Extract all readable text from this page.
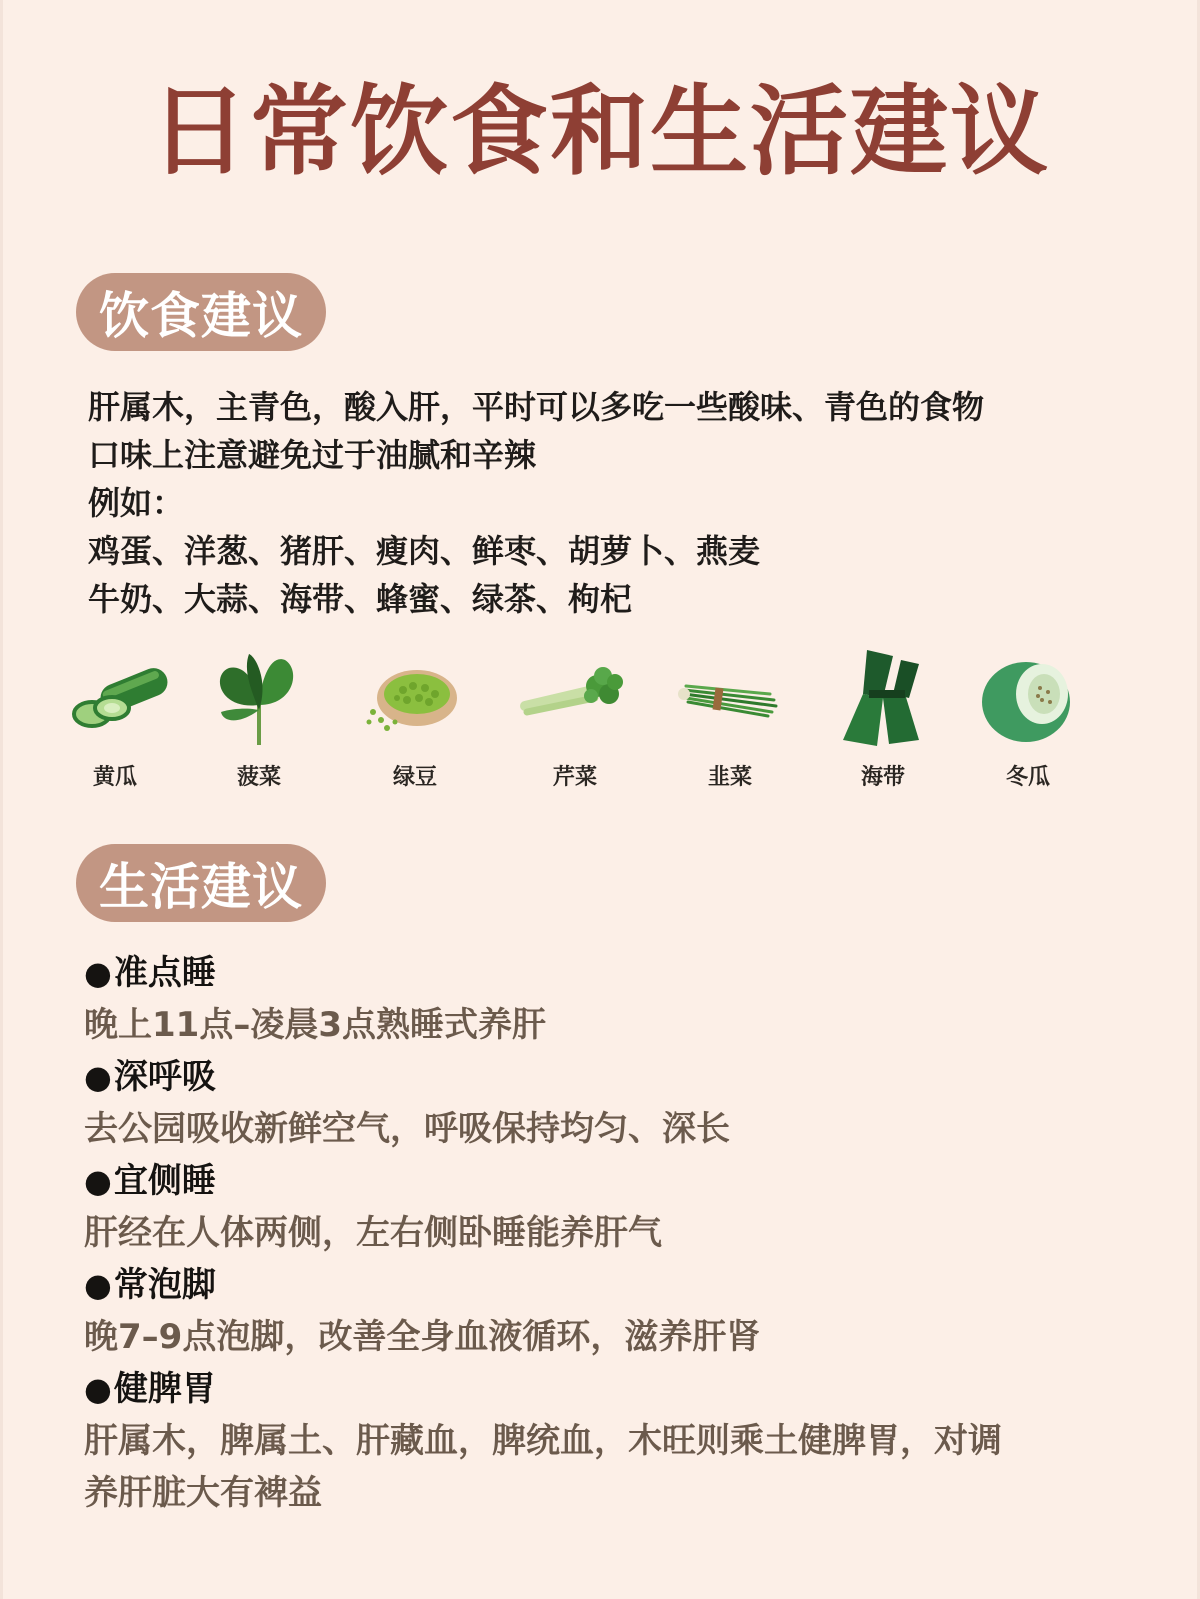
日常饮食和生活建议
饮食建议
肝属木，主青色，酸入肝，平时可以多吃一些酸味、青色的食物
口味上注意避免过于油腻和辛辣
例如：
鸡蛋、洋葱、猪肝、瘦肉、鲜枣、胡萝卜、燕麦
牛奶、大蒜、海带、蜂蜜、绿茶、枸杞
黄瓜	菠菜	绿豆	芹菜	韭菜	海带	冬瓜
生活建议
●准点睡
晚上11点–凌晨3点熟睡式养肝
●深呼吸
去公园吸收新鲜空气，呼吸保持均匀、深长
●宜侧睡
肝经在人体两侧，左右侧卧睡能养肝气
●常泡脚
晚7–9点泡脚，改善全身血液循环，滋养肝肾
●健脾胃
肝属木，脾属土、肝藏血，脾统血，木旺则乘土健脾胃，对调
养肝脏大有裨益
